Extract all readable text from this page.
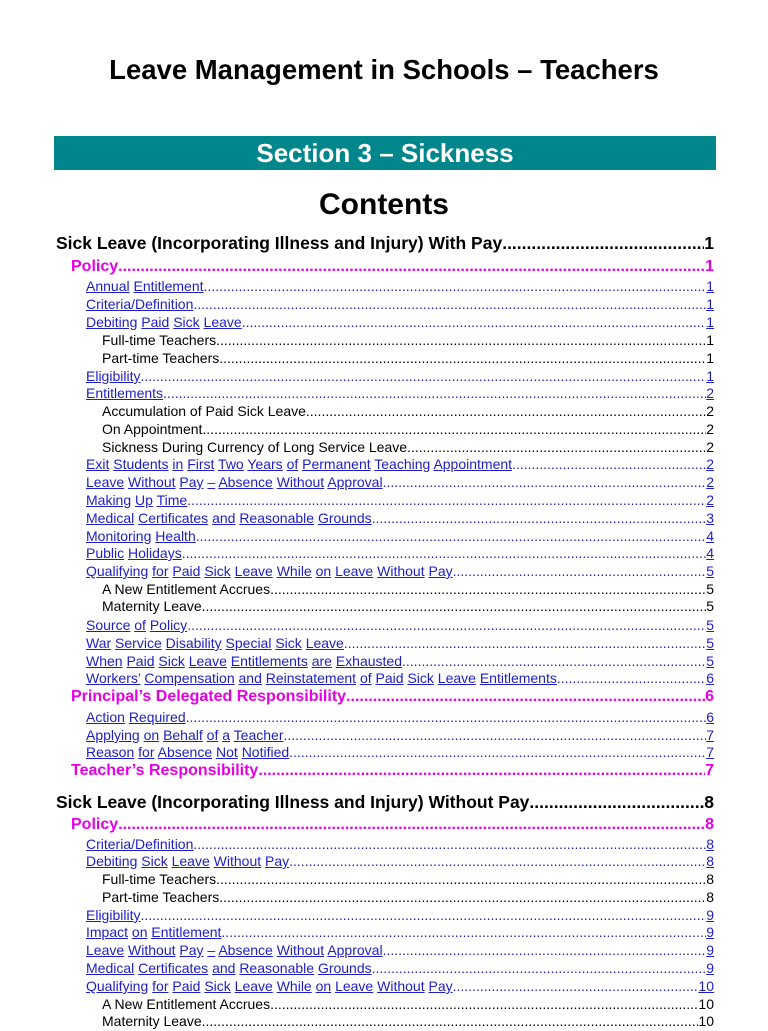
Leave Management in Schools – Teachers
Section 3 – Sickness
Contents
Sick Leave (Incorporating Illness and Injury) With Pay .....	1
Policy .....	1
Annual Entitlement .....	1
Criteria/Definition .....	1
Debiting Paid Sick Leave .....	1
Full-time Teachers .....	1
Part-time Teachers .....	1
Eligibility .....	1
Entitlements .....	2
Accumulation of Paid Sick Leave .....	2
On Appointment .....	2
Sickness During Currency of Long Service Leave .....	2
Exit Students in First Two Years of Permanent Teaching Appointment .....	2
Leave Without Pay – Absence Without Approval .....	2
Making Up Time .....	2
Medical Certificates and Reasonable Grounds .....	3
Monitoring Health .....	4
Public Holidays .....	4
Qualifying for Paid Sick Leave While on Leave Without Pay .....	5
A New Entitlement Accrues .....	5
Maternity Leave .....	5
Source of Policy .....	5
War Service Disability Special Sick Leave .....	5
When Paid Sick Leave Entitlements are Exhausted .....	5
Workers’ Compensation and Reinstatement of Paid Sick Leave Entitlements .....	6
Principal’s Delegated Responsibility .....	6
Action Required .....	6
Applying on Behalf of a Teacher .....	7
Reason for Absence Not Notified .....	7
Teacher’s Responsibility .....	7
Sick Leave (Incorporating Illness and Injury) Without Pay .....	8
Policy .....	8
Criteria/Definition .....	8
Debiting Sick Leave Without Pay .....	8
Full-time Teachers .....	8
Part-time Teachers .....	8
Eligibility .....	9
Impact on Entitlement .....	9
Leave Without Pay – Absence Without Approval .....	9
Medical Certificates and Reasonable Grounds .....	9
Qualifying for Paid Sick Leave While on Leave Without Pay .....	10
A New Entitlement Accrues .....	10
Maternity Leave .....	10
